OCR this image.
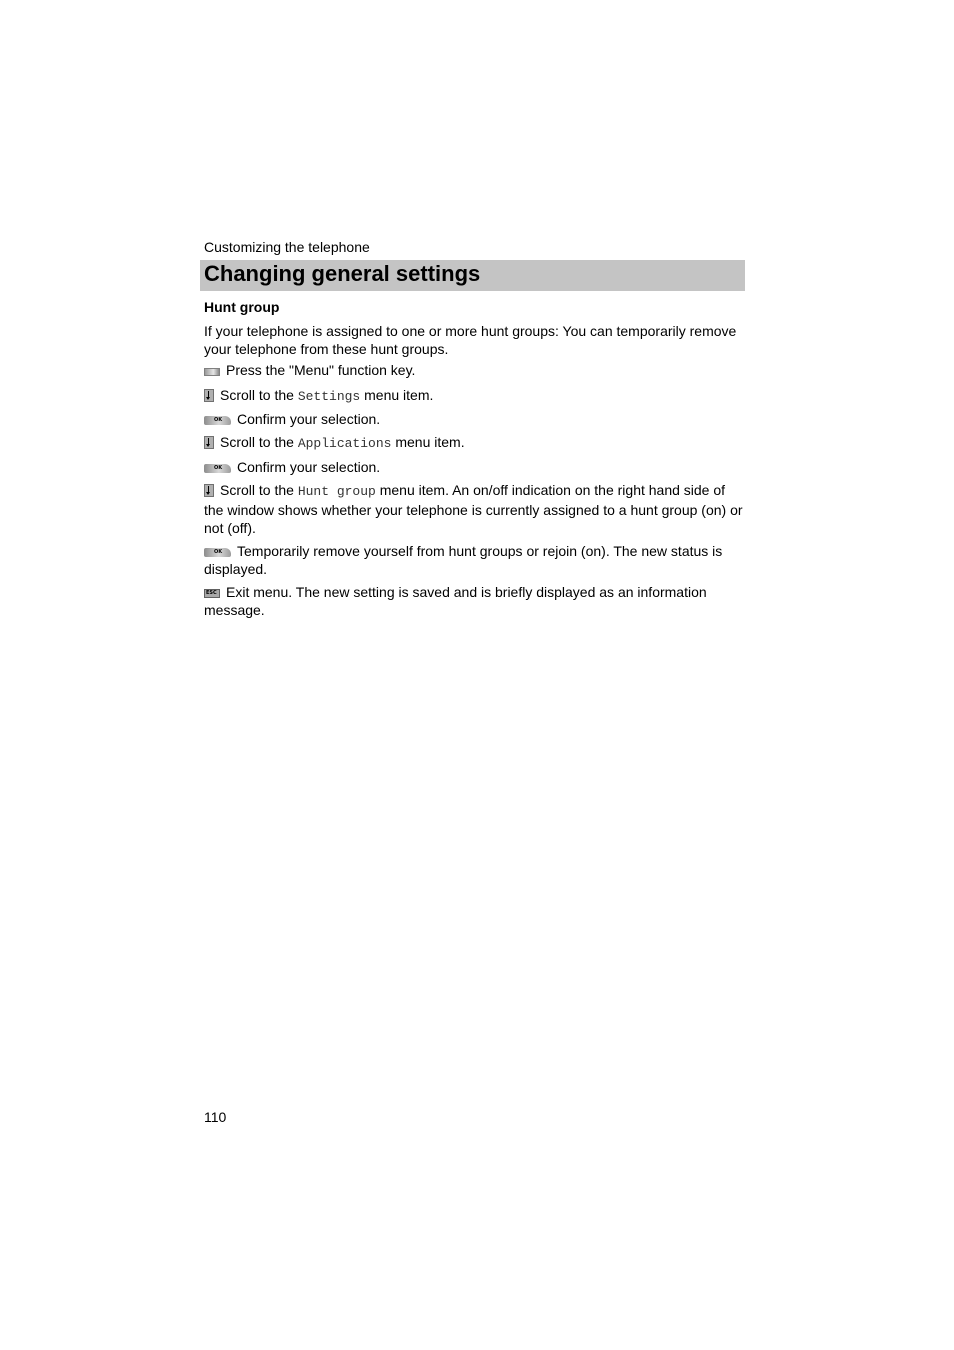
Customizing the telephone
Changing general settings
Hunt group
If your telephone is assigned to one or more hunt groups: You can temporarily remove your telephone from these hunt groups.
Press the "Menu" function key.
Scroll to the Settings menu item.
OKConfirm your selection.
Scroll to the Applications menu item.
OKConfirm your selection.
Scroll to the Hunt group menu item. An on/off indication on the right hand side of the window shows whether your telephone is currently assigned to a hunt group (on) or not (off).
OKTemporarily remove yourself from hunt groups or rejoin (on). The new status is displayed.
ESCExit menu. The new setting is saved and is briefly displayed as an information message.
110
